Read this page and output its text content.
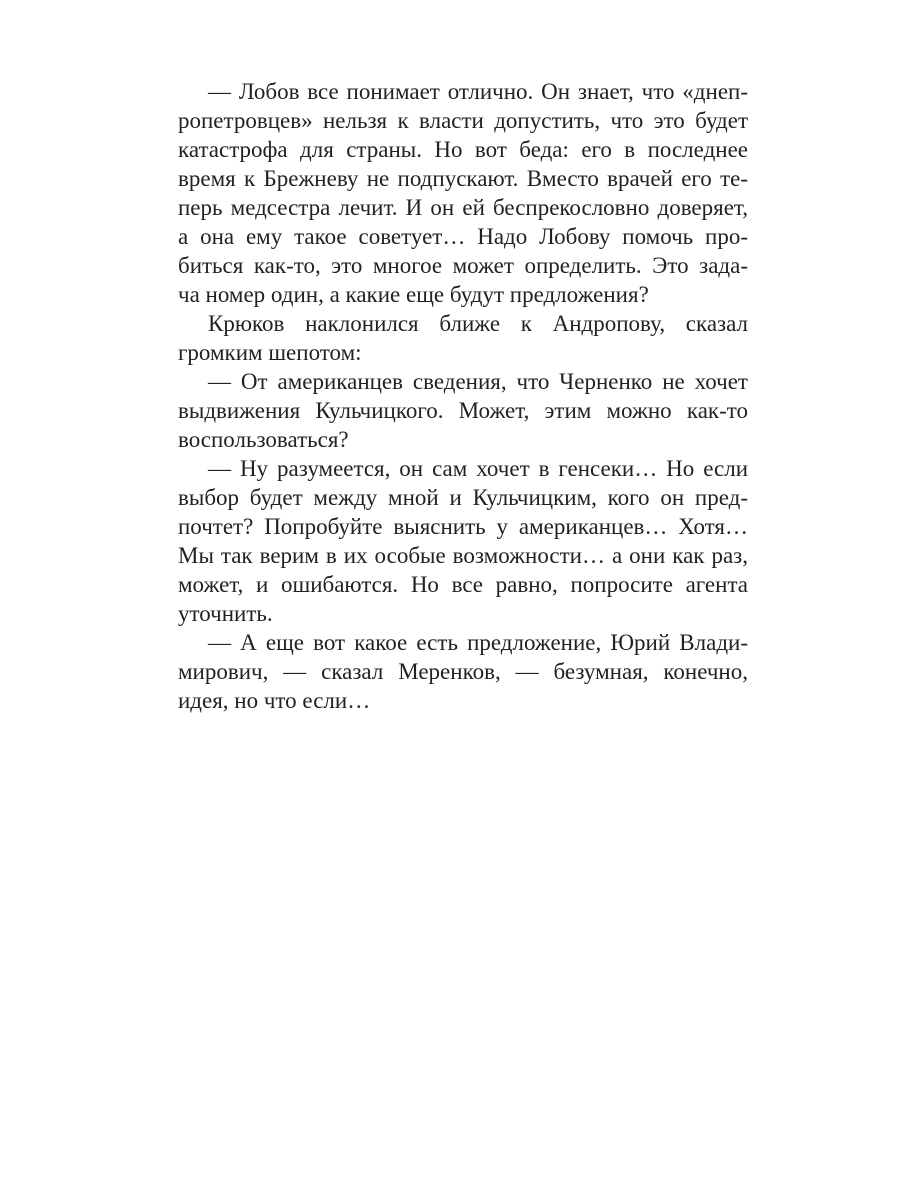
— Лобов все понимает отлично. Он знает, что «днеп-
ропетровцев» нельзя к власти допустить, что это будет
катастрофа для страны. Но вот беда: его в последнее
время к Брежневу не подпускают. Вместо врачей его те-
перь медсестра лечит. И он ей беспрекословно доверяет,
а она ему такое советует… Надо Лобову помочь про-
биться как-то, это многое может определить. Это зада-
ча номер один, а какие еще будут предложения?
Крюков наклонился ближе к Андропову, сказал
громким шепотом:
— От американцев сведения, что Черненко не хочет
выдвижения Кульчицкого. Может, этим можно как-то
воспользоваться?
— Ну разумеется, он сам хочет в генсеки… Но если
выбор будет между мной и Кульчицким, кого он пред-
почтет? Попробуйте выяснить у американцев… Хотя…
Мы так верим в их особые возможности… а они как раз,
может, и ошибаются. Но все равно, попросите агента
уточнить.
— А еще вот какое есть предложение, Юрий Влади-
мирович, — сказал Меренков, — безумная, конечно,
идея, но что если…
